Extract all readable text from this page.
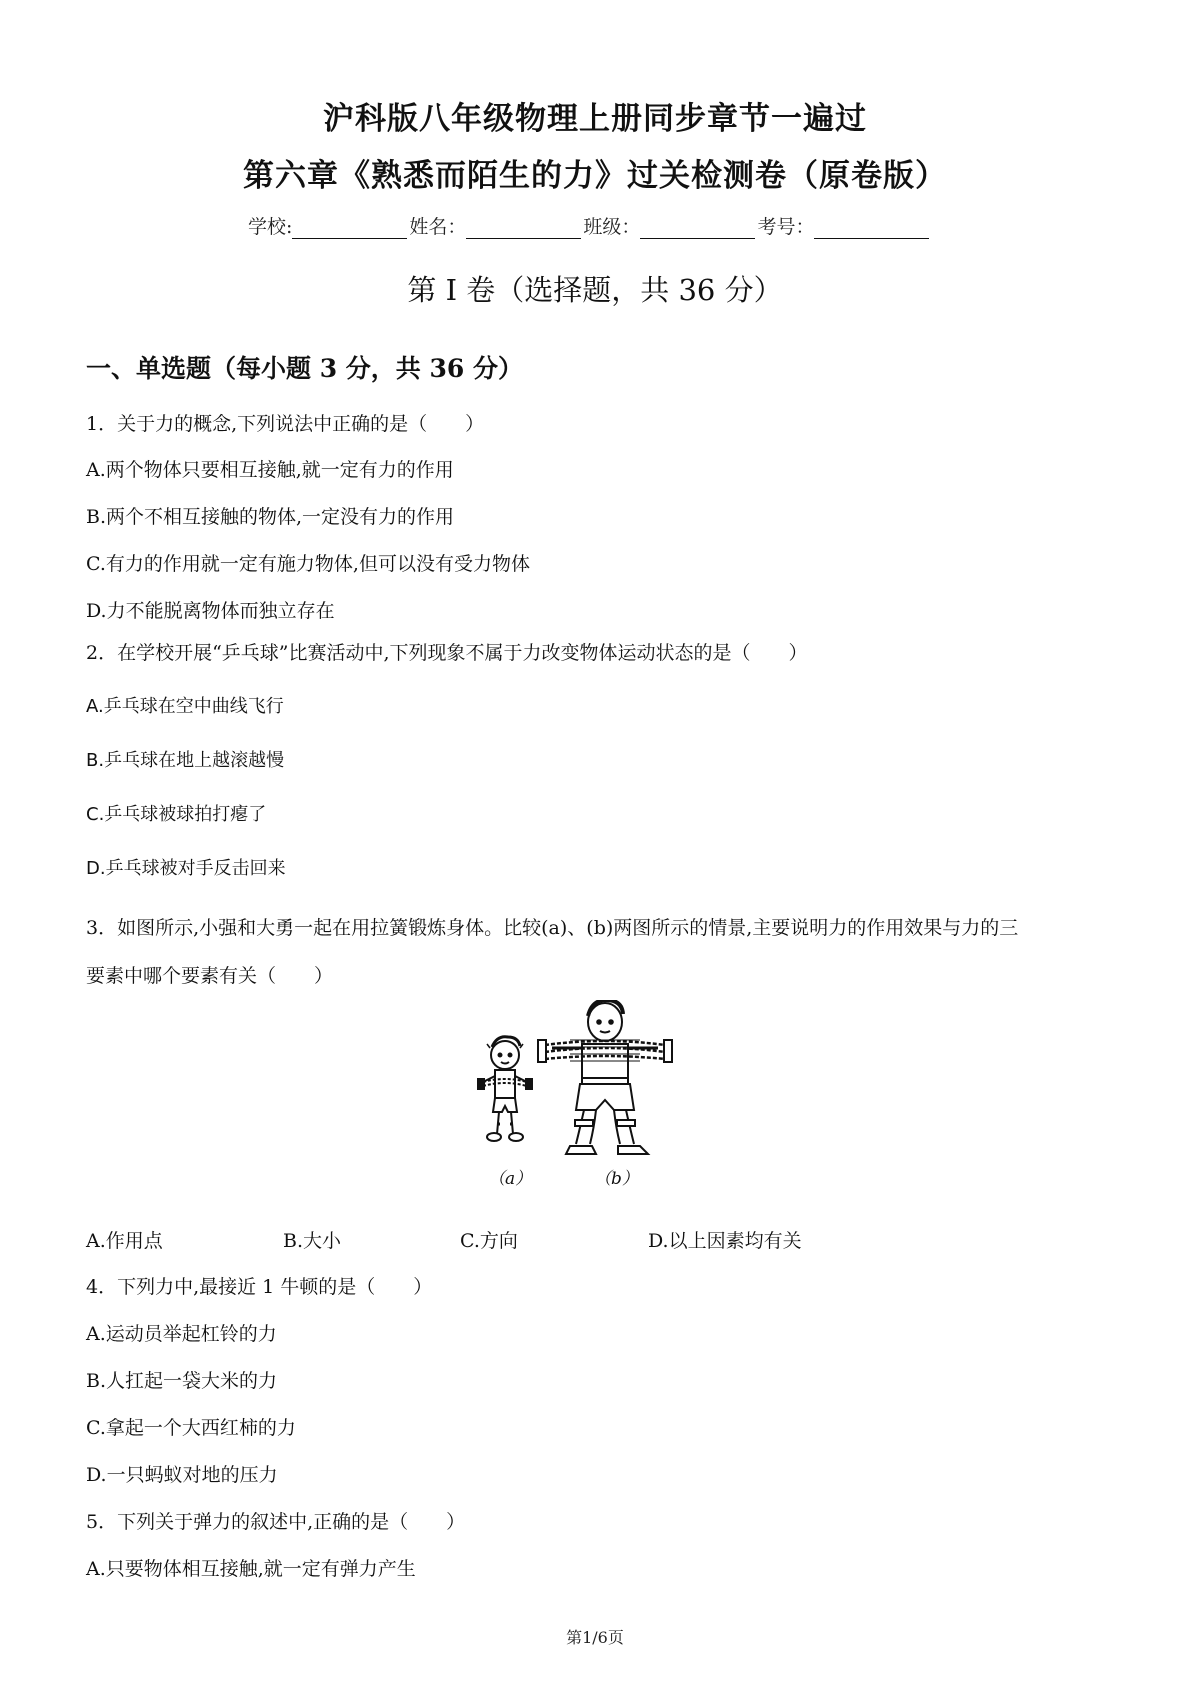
沪科版八年级物理上册同步章节一遍过
第六章《熟悉而陌生的力》过关检测卷（原卷版）
学校:	姓名：	班级：	考号：
第 I 卷（选择题，共 36 分）
一、单选题（每小题 3 分，共 36 分）
1．关于力的概念,下列说法中正确的是（　　）
A.两个物体只要相互接触,就一定有力的作用
B.两个不相互接触的物体,一定没有力的作用
C.有力的作用就一定有施力物体,但可以没有受力物体
D.力不能脱离物体而独立存在
2．在学校开展“乒乓球”比赛活动中,下列现象不属于力改变物体运动状态的是（　　）
A.乒乓球在空中曲线飞行
B.乒乓球在地上越滚越慢
C.乒乓球被球拍打瘪了
D.乒乓球被对手反击回来
3．如图所示,小强和大勇一起在用拉簧锻炼身体。比较(a)、(b)两图所示的情景,主要说明力的作用效果与力的三
要素中哪个要素有关（　　）
（a）	（b）
A.作用点	B.大小	C.方向	D.以上因素均有关
4．下列力中,最接近 1 牛顿的是（　　）
A.运动员举起杠铃的力
B.人扛起一袋大米的力
C.拿起一个大西红柿的力
D.一只蚂蚁对地的压力
5．下列关于弹力的叙述中,正确的是（　　）
A.只要物体相互接触,就一定有弹力产生
第1/6页
